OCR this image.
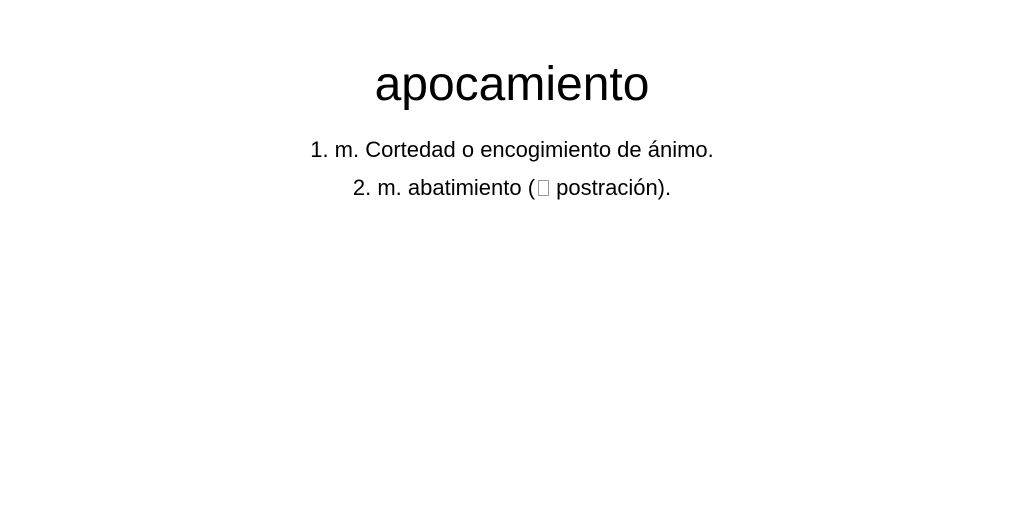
apocamiento
1. m. Cortedad o encogimiento de ánimo.
2. m. abatimiento ( postración).
